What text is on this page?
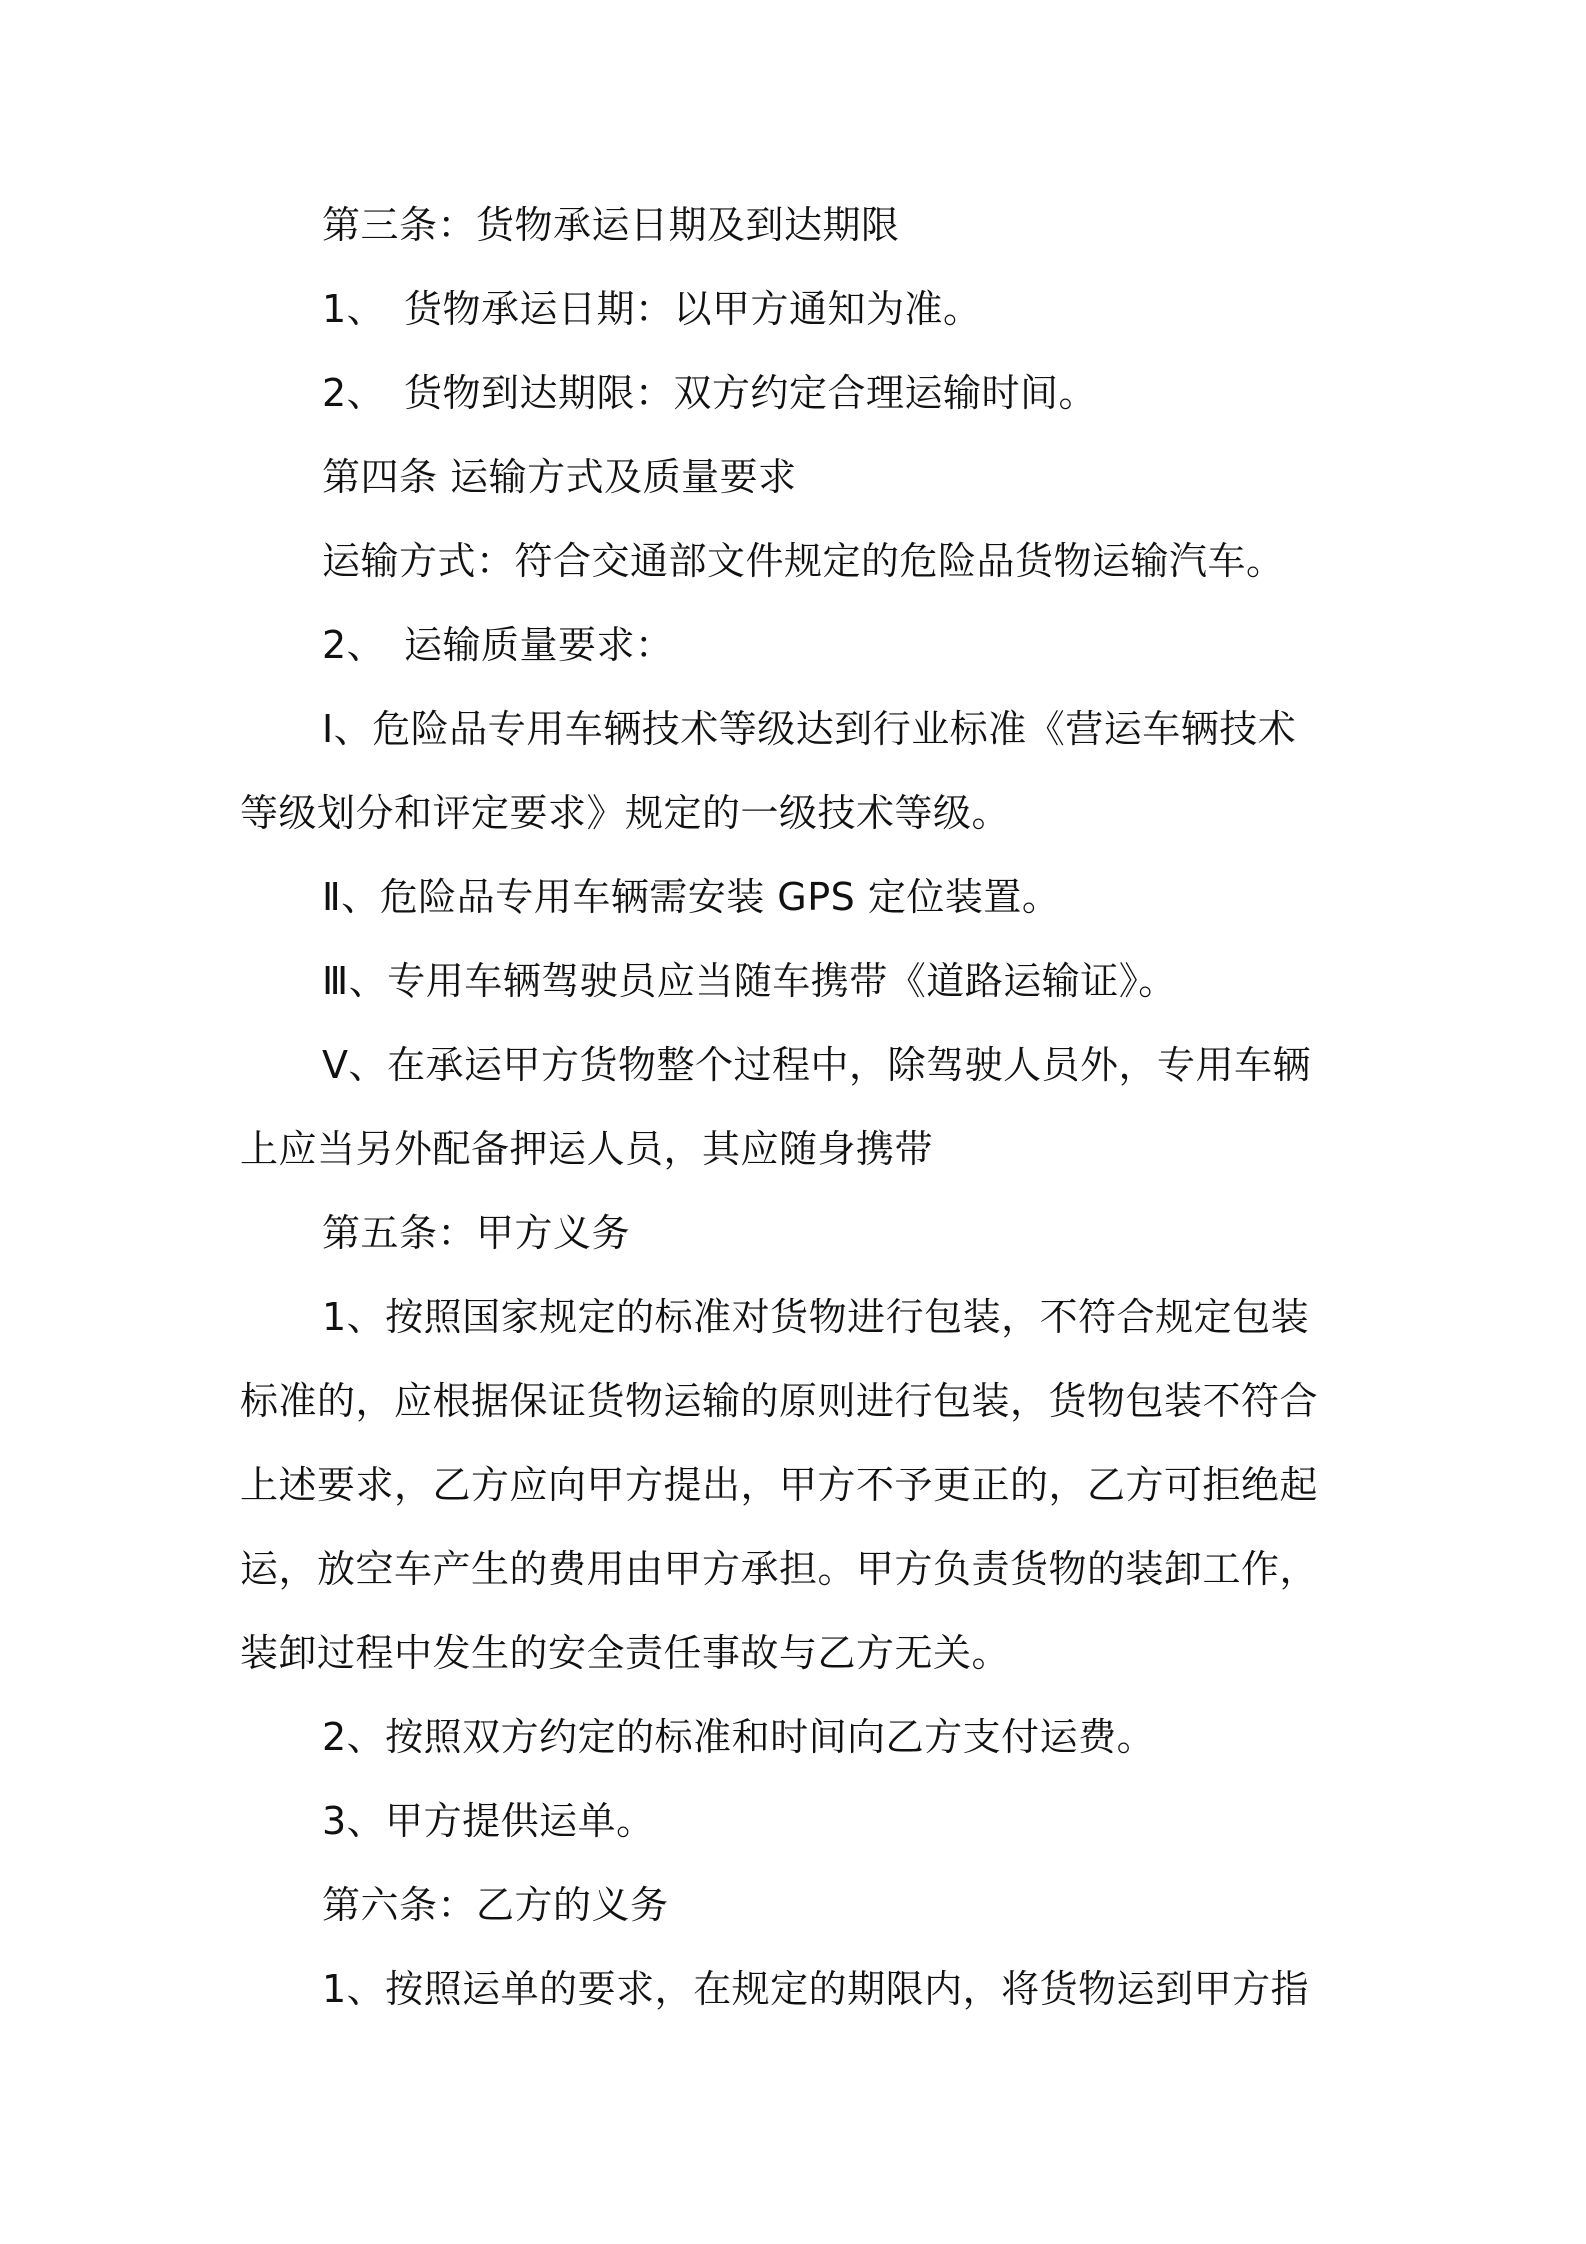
第三条：货物承运日期及到达期限
1、 货物承运日期：以甲方通知为准。
2、 货物到达期限：双方约定合理运输时间。
第四条 运输方式及质量要求
运输方式：符合交通部文件规定的危险品货物运输汽车。
2、 运输质量要求：
Ⅰ、危险品专用车辆技术等级达到行业标准《营运车辆技术
等级划分和评定要求》规定的一级技术等级。
Ⅱ、危险品专用车辆需安装 GPS 定位装置。
Ⅲ、专用车辆驾驶员应当随车携带《道路运输证》。
Ⅴ、在承运甲方货物整个过程中，除驾驶人员外，专用车辆
上应当另外配备押运人员，其应随身携带
第五条：甲方义务
1、按照国家规定的标准对货物进行包装，不符合规定包装
标准的，应根据保证货物运输的原则进行包装，货物包装不符合
上述要求，乙方应向甲方提出，甲方不予更正的，乙方可拒绝起
运，放空车产生的费用由甲方承担。甲方负责货物的装卸工作，
装卸过程中发生的安全责任事故与乙方无关。
2、按照双方约定的标准和时间向乙方支付运费。
3、甲方提供运单。
第六条：乙方的义务
1、按照运单的要求，在规定的期限内，将货物运到甲方指
